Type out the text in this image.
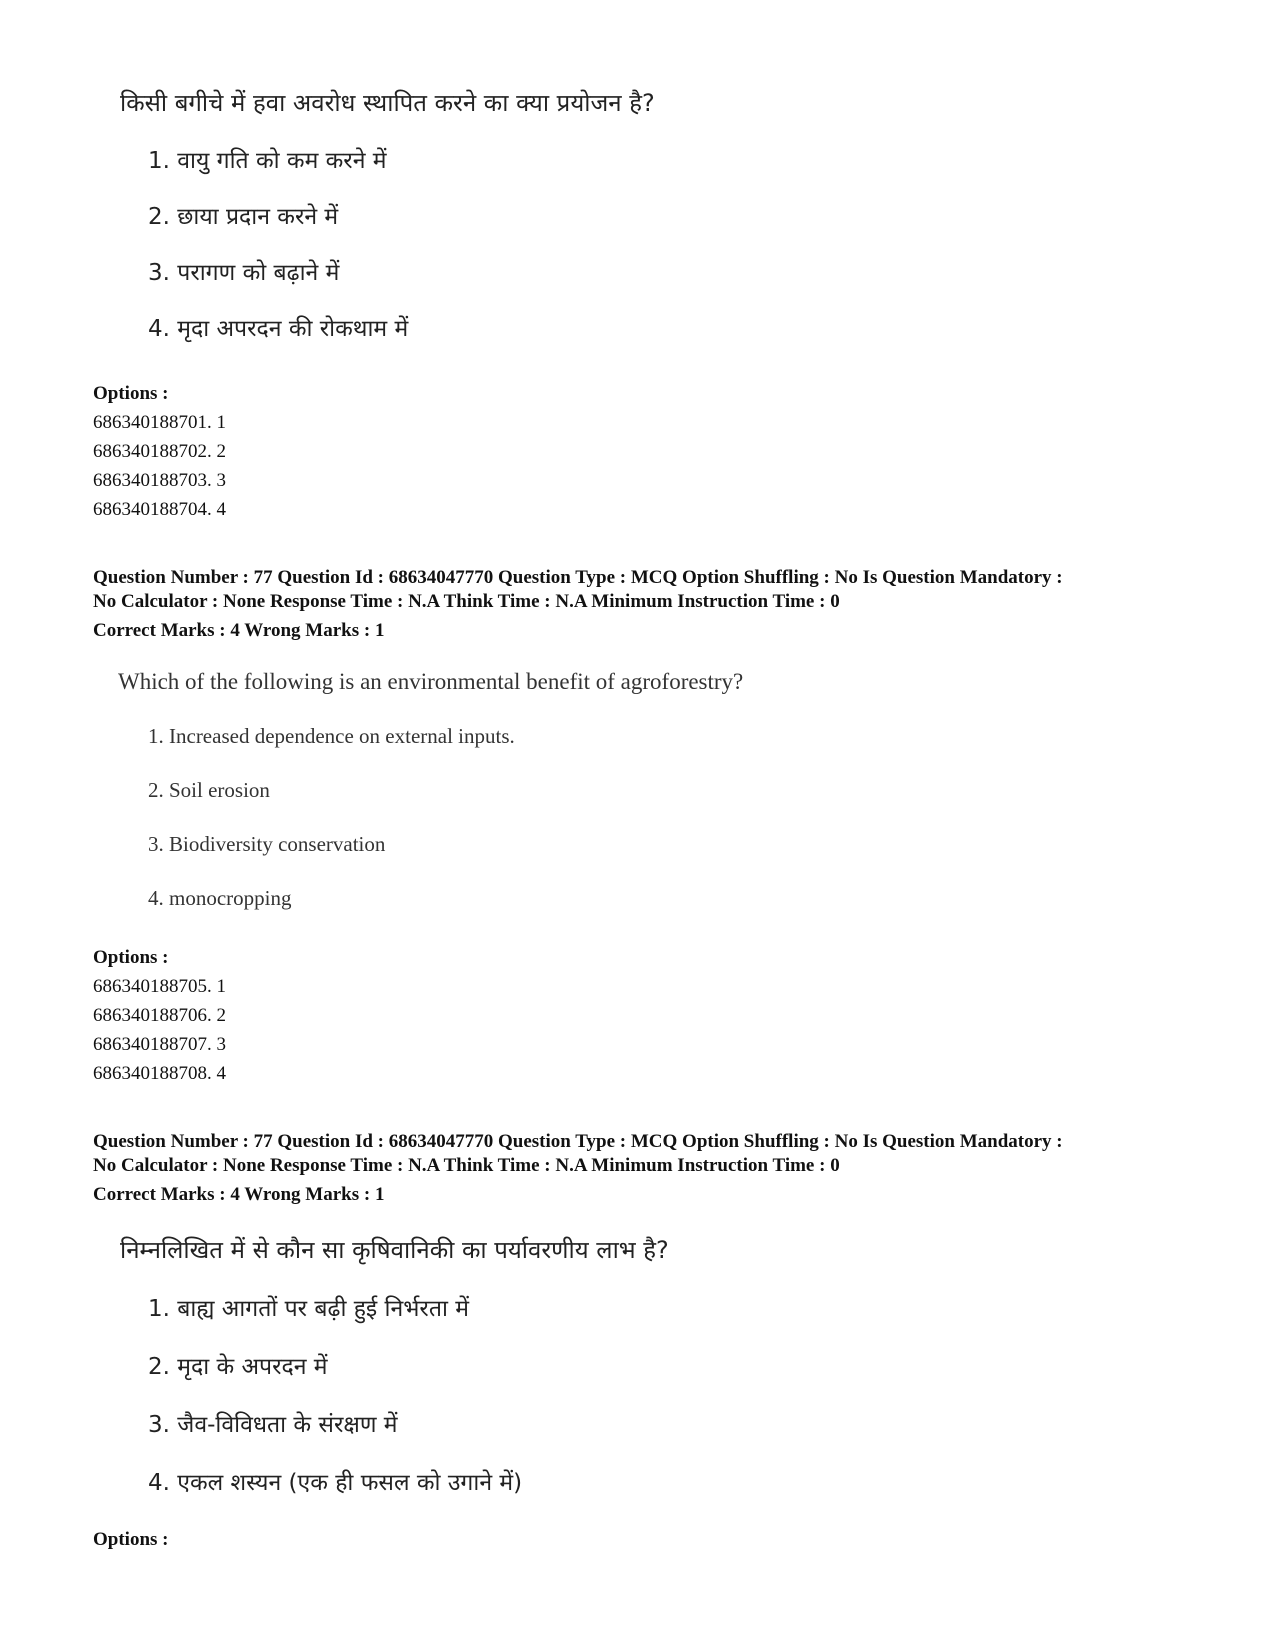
किसी बगीचे में हवा अवरोध स्थापित करने का क्या प्रयोजन है?
1. वायु गति को कम करने में
2. छाया प्रदान करने में
3. परागण को बढ़ाने में
4. मृदा अपरदन की रोकथाम में
Options :
686340188701. 1
686340188702. 2
686340188703. 3
686340188704. 4
Question Number : 77 Question Id : 68634047770 Question Type : MCQ Option Shuffling : No Is Question Mandatory :
No Calculator : None Response Time : N.A Think Time : N.A Minimum Instruction Time : 0
Correct Marks : 4 Wrong Marks : 1
Which of the following is an environmental benefit of agroforestry?
1. Increased dependence on external inputs.
2. Soil erosion
3. Biodiversity conservation
4. monocropping
Options :
686340188705. 1
686340188706. 2
686340188707. 3
686340188708. 4
Question Number : 77 Question Id : 68634047770 Question Type : MCQ Option Shuffling : No Is Question Mandatory :
No Calculator : None Response Time : N.A Think Time : N.A Minimum Instruction Time : 0
Correct Marks : 4 Wrong Marks : 1
निम्नलिखित में से कौन सा कृषिवानिकी का पर्यावरणीय लाभ है?
1. बाह्य आगतों पर बढ़ी हुई निर्भरता में
2. मृदा के अपरदन में
3. जैव-विविधता के संरक्षण में
4. एकल शस्यन (एक ही फसल को उगाने में)
Options :
